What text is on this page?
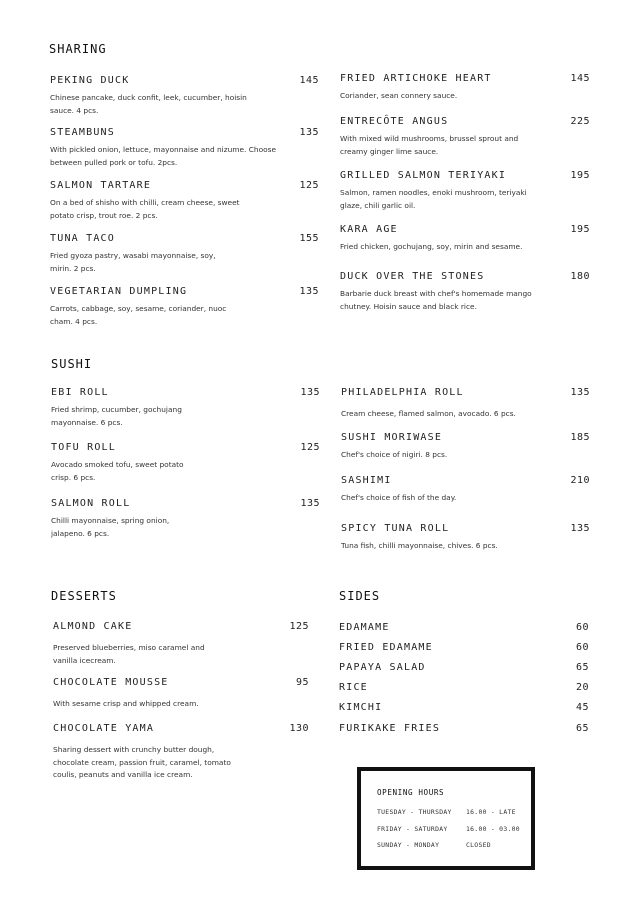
SHARING
PEKING DUCK	145
Chinese pancake, duck confit, leek, cucumber, hoisin
sauce. 4 pcs.
STEAMBUNS	135
With pickled onion, lettuce, mayonnaise and nizume. Choose
between pulled pork or tofu. 2pcs.
SALMON TARTARE	125
On a bed of shisho with chilli, cream cheese, sweet
potato crisp, trout roe. 2 pcs.
TUNA TACO	155
Fried gyoza pastry, wasabi mayonnaise, soy,
mirin. 2 pcs.
VEGETARIAN DUMPLING	135
Carrots, cabbage, soy, sesame, coriander, nuoc
cham. 4 pcs.
FRIED ARTICHOKE HEART	145
Coriander, sean connery sauce.
ENTRECÔTE ANGUS	225
With mixed wild mushrooms, brussel sprout and
creamy ginger lime sauce.
GRILLED SALMON TERIYAKI	195
Salmon, ramen noodles, enoki mushroom, teriyaki
glaze, chili garlic oil.
KARA AGE	195
Fried chicken, gochujang, soy, mirin and sesame.
DUCK OVER THE STONES	180
Barbarie duck breast with chef's homemade mango
chutney. Hoisin sauce and black rice.
SUSHI
EBI ROLL	135
Fried shrimp, cucumber, gochujang
mayonnaise. 6 pcs.
TOFU ROLL	125
Avocado smoked tofu, sweet potato
crisp. 6 pcs.
SALMON ROLL	135
Chilli mayonnaise, spring onion,
jalapeno. 6 pcs.
PHILADELPHIA ROLL	135
Cream cheese, flamed salmon, avocado. 6 pcs.
SUSHI MORIWASE	185
Chef's choice of nigiri. 8 pcs.
SASHIMI	210
Chef's choice of fish of the day.
SPICY TUNA ROLL	135
Tuna fish, chilli mayonnaise, chives. 6 pcs.
DESSERTS
ALMOND CAKE	125
Preserved blueberries, miso caramel and
vanilla icecream.
CHOCOLATE MOUSSE	95
With sesame crisp and whipped cream.
CHOCOLATE YAMA	130
Sharing dessert with crunchy butter dough,
chocolate cream, passion fruit, caramel, tomato
coulis, peanuts and vanilla ice cream.
SIDES
EDAMAME	60
FRIED EDAMAME	60
PAPAYA SALAD	65
RICE	20
KIMCHI	45
FURIKAKE FRIES	65
OPENING HOURS
TUESDAY - THURSDAY 16.00 - LATE
FRIDAY - SATURDAY	16.00 - 03.00
SUNDAY - MONDAY	CLOSED
